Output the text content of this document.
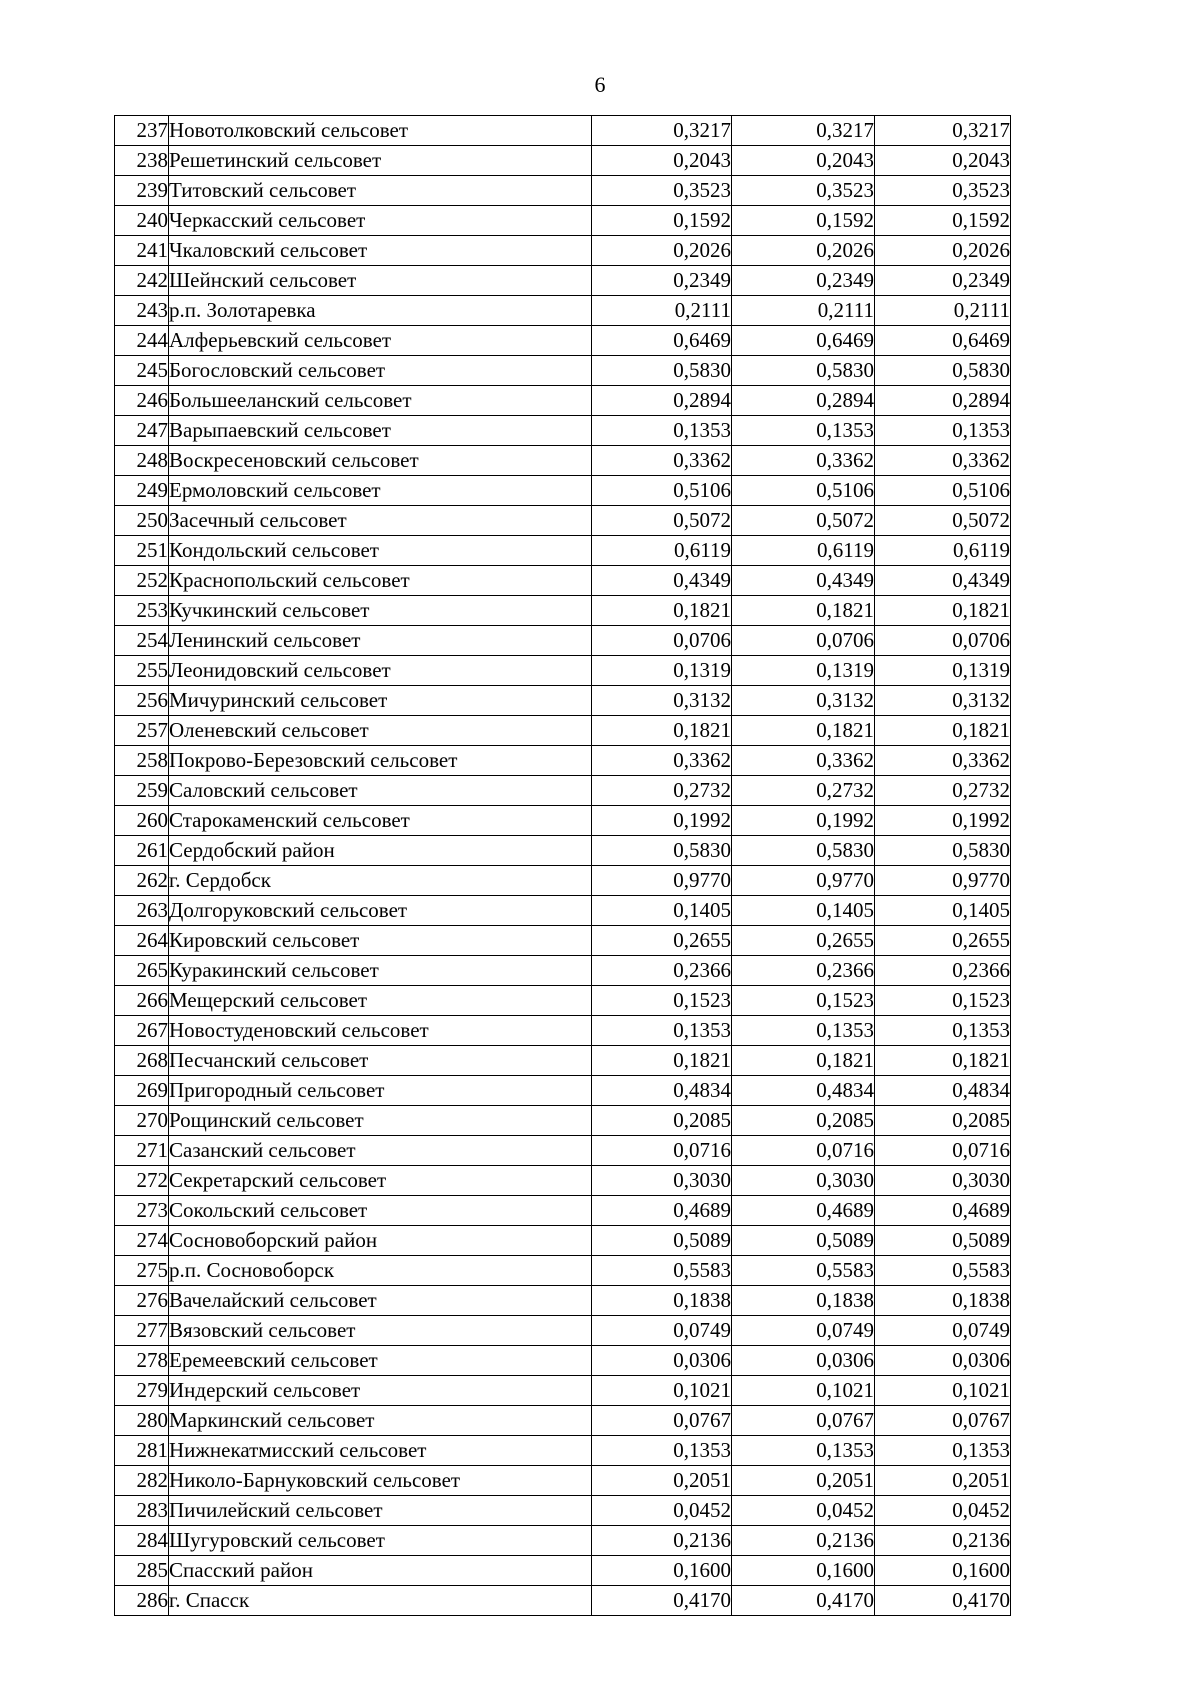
6
237	Новотолковский сельсовет	0,3217	0,3217	0,3217
238	Решетинский сельсовет	0,2043	0,2043	0,2043
239	Титовский сельсовет	0,3523	0,3523	0,3523
240	Черкасский сельсовет	0,1592	0,1592	0,1592
241	Чкаловский сельсовет	0,2026	0,2026	0,2026
242	Шейнский сельсовет	0,2349	0,2349	0,2349
243	р.п. Золотаревка	0,2111	0,2111	0,2111
244	Алферьевский сельсовет	0,6469	0,6469	0,6469
245	Богословский сельсовет	0,5830	0,5830	0,5830
246	Большееланский сельсовет	0,2894	0,2894	0,2894
247	Варыпаевский сельсовет	0,1353	0,1353	0,1353
248	Воскресеновский сельсовет	0,3362	0,3362	0,3362
249	Ермоловский сельсовет	0,5106	0,5106	0,5106
250	Засечный сельсовет	0,5072	0,5072	0,5072
251	Кондольский сельсовет	0,6119	0,6119	0,6119
252	Краснопольский сельсовет	0,4349	0,4349	0,4349
253	Кучкинский сельсовет	0,1821	0,1821	0,1821
254	Ленинский сельсовет	0,0706	0,0706	0,0706
255	Леонидовский сельсовет	0,1319	0,1319	0,1319
256	Мичуринский сельсовет	0,3132	0,3132	0,3132
257	Оленевский сельсовет	0,1821	0,1821	0,1821
258	Покрово-Березовский сельсовет	0,3362	0,3362	0,3362
259	Саловский сельсовет	0,2732	0,2732	0,2732
260	Старокаменский сельсовет	0,1992	0,1992	0,1992
261	Сердобский район	0,5830	0,5830	0,5830
262	г. Сердобск	0,9770	0,9770	0,9770
263	Долгоруковский сельсовет	0,1405	0,1405	0,1405
264	Кировский сельсовет	0,2655	0,2655	0,2655
265	Куракинский сельсовет	0,2366	0,2366	0,2366
266	Мещерский сельсовет	0,1523	0,1523	0,1523
267	Новостуденовский сельсовет	0,1353	0,1353	0,1353
268	Песчанский сельсовет	0,1821	0,1821	0,1821
269	Пригородный сельсовет	0,4834	0,4834	0,4834
270	Рощинский сельсовет	0,2085	0,2085	0,2085
271	Сазанский сельсовет	0,0716	0,0716	0,0716
272	Секретарский сельсовет	0,3030	0,3030	0,3030
273	Сокольский сельсовет	0,4689	0,4689	0,4689
274	Сосновоборский район	0,5089	0,5089	0,5089
275	р.п. Сосновоборск	0,5583	0,5583	0,5583
276	Вачелайский сельсовет	0,1838	0,1838	0,1838
277	Вязовский сельсовет	0,0749	0,0749	0,0749
278	Еремеевский сельсовет	0,0306	0,0306	0,0306
279	Индерский сельсовет	0,1021	0,1021	0,1021
280	Маркинский сельсовет	0,0767	0,0767	0,0767
281	Нижнекатмисский сельсовет	0,1353	0,1353	0,1353
282	Николо-Барнуковский сельсовет	0,2051	0,2051	0,2051
283	Пичилейский сельсовет	0,0452	0,0452	0,0452
284	Шугуровский сельсовет	0,2136	0,2136	0,2136
285	Спасский район	0,1600	0,1600	0,1600
286	г. Спасск	0,4170	0,4170	0,4170
